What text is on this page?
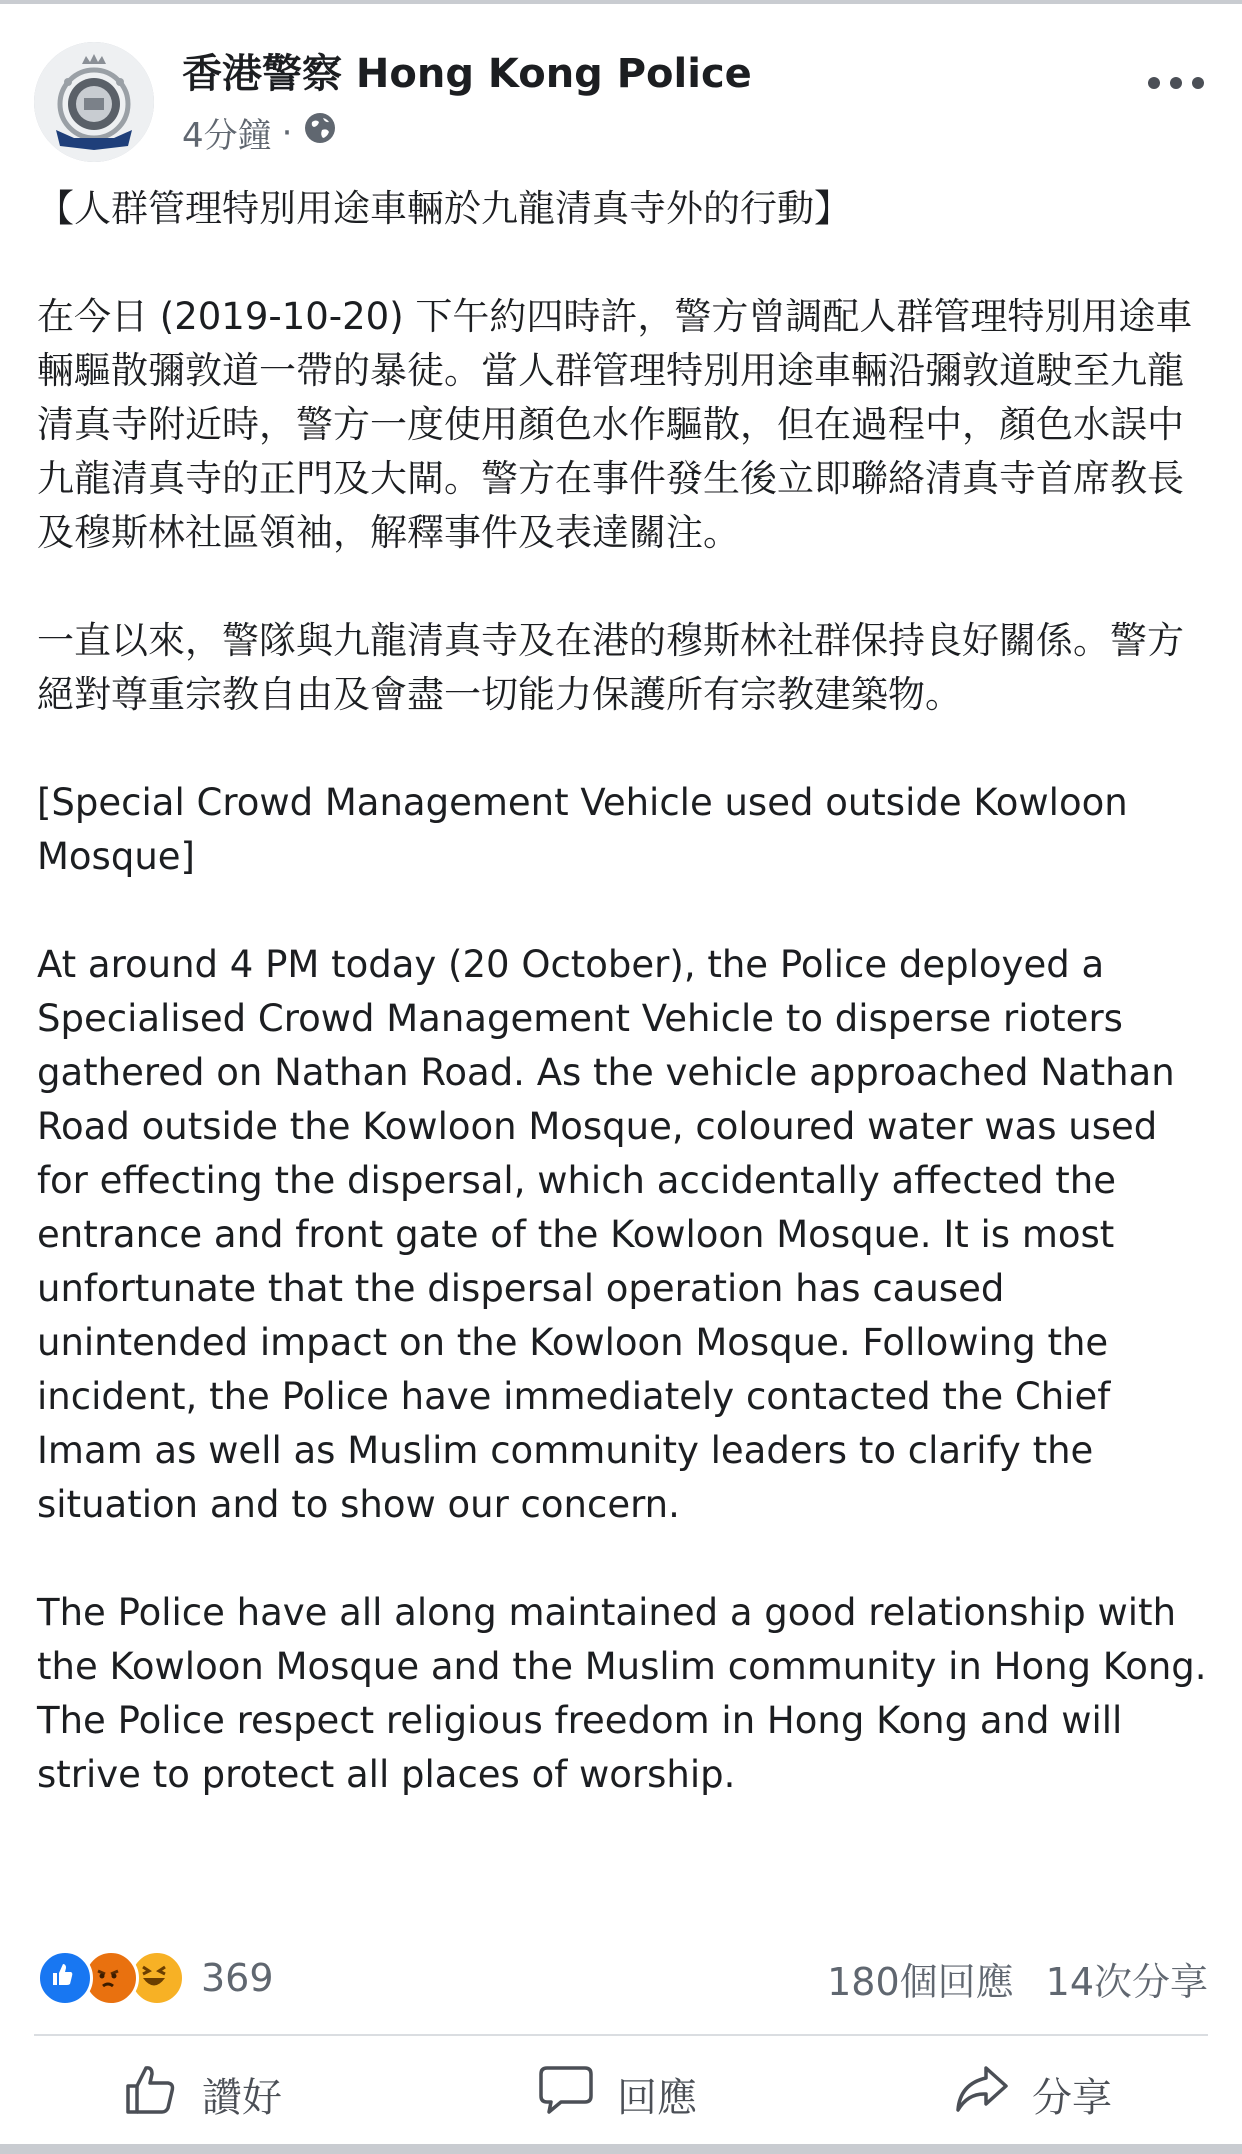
香港警察 Hong Kong Police
4分鐘 ·

【人群管理特別用途車輛於九龍清真寺外的行動】

在今日 (2019-10-20) 下午約四時許，警方曾調配人群管理特別用途車輛驅散彌敦道一帶的暴徒。當人群管理特別用途車輛沿彌敦道駛至九龍清真寺附近時，警方一度使用顏色水作驅散，但在過程中，顏色水誤中九龍清真寺的正門及大閘。警方在事件發生後立即聯絡清真寺首席教長及穆斯林社區領袖，解釋事件及表達關注。

一直以來，警隊與九龍清真寺及在港的穆斯林社群保持良好關係。警方絕對尊重宗教自由及會盡一切能力保護所有宗教建築物。

[Special Crowd Management Vehicle used outside Kowloon Mosque]

At around 4 PM today (20 October), the Police deployed a Specialised Crowd Management Vehicle to disperse rioters gathered on Nathan Road. As the vehicle approached Nathan Road outside the Kowloon Mosque, coloured water was used for effecting the dispersal, which accidentally affected the entrance and front gate of the Kowloon Mosque. It is most unfortunate that the dispersal operation has caused unintended impact on the Kowloon Mosque. Following the incident, the Police have immediately contacted the Chief Imam as well as Muslim community leaders to clarify the situation and to show our concern.

The Police have all along maintained a good relationship with the Kowloon Mosque and the Muslim community in Hong Kong. The Police respect religious freedom in Hong Kong and will strive to protect all places of worship.

369	180個回應 14次分享
讚好	回應	分享
